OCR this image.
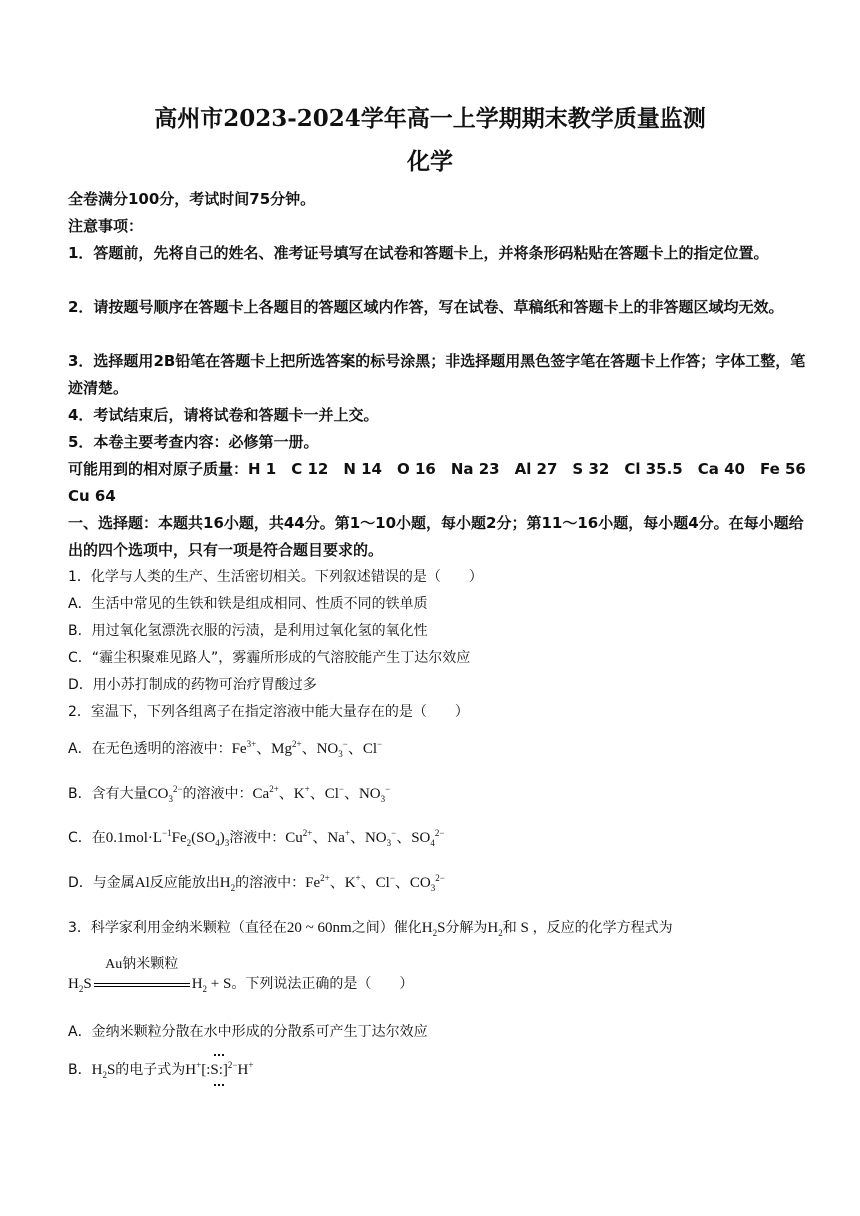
高州市2023-2024学年高一上学期期末教学质量监测
化学
全卷满分100分，考试时间75分钟。
注意事项：
1．答题前，先将自己的姓名、准考证号填写在试卷和答题卡上，并将条形码粘贴在答题卡上的指定位置。
2．请按题号顺序在答题卡上各题目的答题区域内作答，写在试卷、草稿纸和答题卡上的非答题区域均无效。
3．选择题用2B铅笔在答题卡上把所选答案的标号涂黑；非选择题用黑色签字笔在答题卡上作答；字体工整，笔迹清楚。
4．考试结束后，请将试卷和答题卡一并上交。
5．本卷主要考查内容：必修第一册。
可能用到的相对原子质量：H 1　C 12　N 14　O 16　Na 23　Al 27　S 32　Cl 35.5　Ca 40　Fe 56　Cu 64
一、选择题：本题共16小题，共44分。第1～10小题，每小题2分；第11～16小题，每小题4分。在每小题给出的四个选项中，只有一项是符合题目要求的。
1．化学与人类的生产、生活密切相关。下列叙述错误的是（　　）
A．生活中常见的生铁和铁是组成相同、性质不同的铁单质
B．用过氧化氢漂洗衣服的污渍，是利用过氧化氢的氧化性
C．“霾尘积聚难见路人”，雾霾所形成的气溶胶能产生丁达尔效应
D．用小苏打制成的药物可治疗胃酸过多
2．室温下，下列各组离子在指定溶液中能大量存在的是（　　）
A．在无色透明的溶液中：$Fe^{3+}$、$Mg^{2+}$、$NO_3^-$、Cl−
B．含有大量$CO_3^{2-}$的溶液中：$Ca^{2+}$、K+、Cl−、$NO_3^-$
C．在$0.1mol\cdot L^{-1}Fe_2(SO_4)_3$溶液中：$Cu^{2+}$、Na+、$NO_3^-$、$SO_4^{2-}$
D．与金属Al反应能放出$H_2$的溶液中：$Fe^{2+}$、K+、Cl−、$CO_3^{2-}$
3．科学家利用金纳米颗粒（直径在20 ~ 60nm之间）催化$H_2S$分解为$H_2$和 S ，反应的化学方程式为
$H_2S$
Au钠米颗粒
$H_2 + S$。下列说法正确的是（　　）
A．金纳米颗粒分散在水中形成的分散系可产生丁达尔效应
B．$H_2S$的电子式为H+[:S:]$^{2-}$H+
